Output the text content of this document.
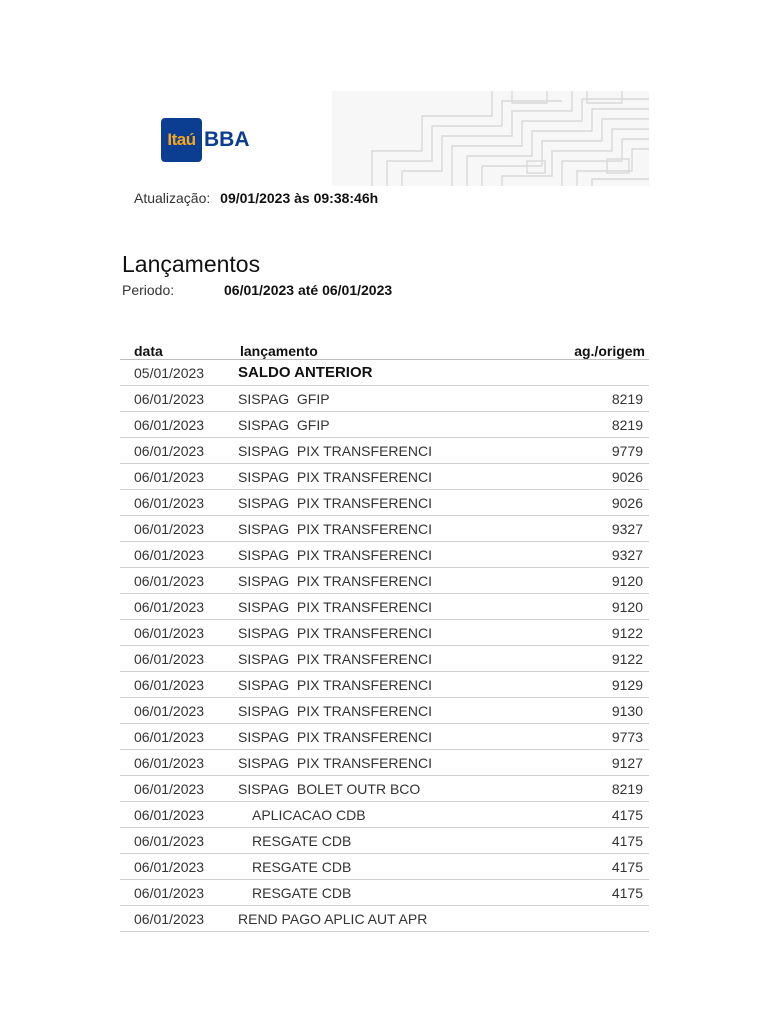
Itaú BBA
Atualização: 09/01/2023 às 09:38:46h
Lançamentos
Periodo:	06/01/2023 até 06/01/2023
data	lançamento	ag./origem
05/01/2023	SALDO ANTERIOR	
06/01/2023	SISPAG  GFIP	8219
06/01/2023	SISPAG  GFIP	8219
06/01/2023	SISPAG  PIX TRANSFERENCI	9779
06/01/2023	SISPAG  PIX TRANSFERENCI	9026
06/01/2023	SISPAG  PIX TRANSFERENCI	9026
06/01/2023	SISPAG  PIX TRANSFERENCI	9327
06/01/2023	SISPAG  PIX TRANSFERENCI	9327
06/01/2023	SISPAG  PIX TRANSFERENCI	9120
06/01/2023	SISPAG  PIX TRANSFERENCI	9120
06/01/2023	SISPAG  PIX TRANSFERENCI	9122
06/01/2023	SISPAG  PIX TRANSFERENCI	9122
06/01/2023	SISPAG  PIX TRANSFERENCI	9129
06/01/2023	SISPAG  PIX TRANSFERENCI	9130
06/01/2023	SISPAG  PIX TRANSFERENCI	9773
06/01/2023	SISPAG  PIX TRANSFERENCI	9127
06/01/2023	SISPAG  BOLET OUTR BCO	8219
06/01/2023	APLICACAO CDB	4175
06/01/2023	RESGATE CDB	4175
06/01/2023	RESGATE CDB	4175
06/01/2023	RESGATE CDB	4175
06/01/2023	REND PAGO APLIC AUT APR	
